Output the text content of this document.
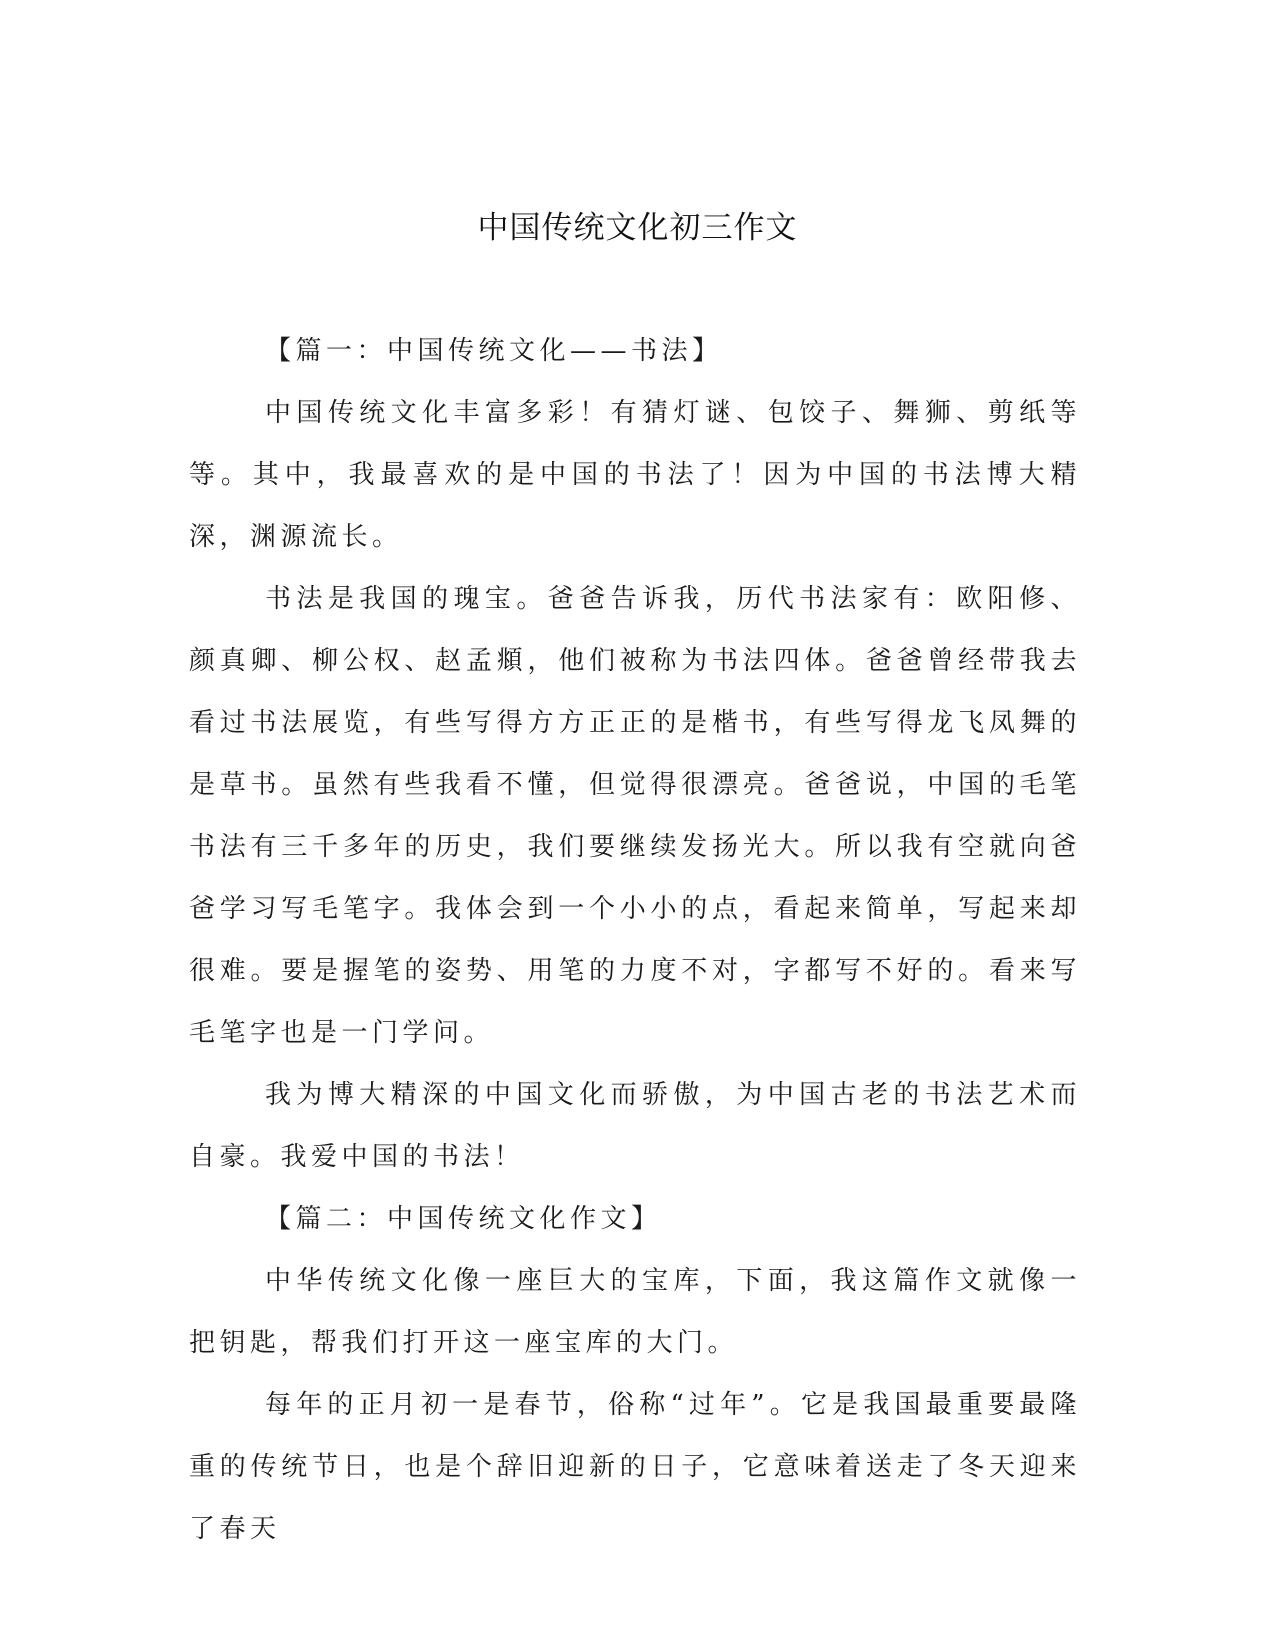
中国传统文化初三作文

【篇一：中国传统文化——书法】

中国传统文化丰富多彩！有猜灯谜、包饺子、舞狮、剪纸等等。其中，我最喜欢的是中国的书法了！因为中国的书法博大精深，渊源流长。

书法是我国的瑰宝。爸爸告诉我，历代书法家有：欧阳修、颜真卿、柳公权、赵孟頫，他们被称为书法四体。爸爸曾经带我去看过书法展览，有些写得方方正正的是楷书，有些写得龙飞凤舞的是草书。虽然有些我看不懂，但觉得很漂亮。爸爸说，中国的毛笔书法有三千多年的历史，我们要继续发扬光大。所以我有空就向爸爸学习写毛笔字。我体会到一个小小的点，看起来简单，写起来却很难。要是握笔的姿势、用笔的力度不对，字都写不好的。看来写毛笔字也是一门学问。

我为博大精深的中国文化而骄傲，为中国古老的书法艺术而自豪。我爱中国的书法！

【篇二：中国传统文化作文】

中华传统文化像一座巨大的宝库，下面，我这篇作文就像一把钥匙，帮我们打开这一座宝库的大门。

每年的正月初一是春节，俗称“过年”。它是我国最重要最隆重的传统节日，也是个辞旧迎新的日子，它意味着送走了冬天迎来了春天
